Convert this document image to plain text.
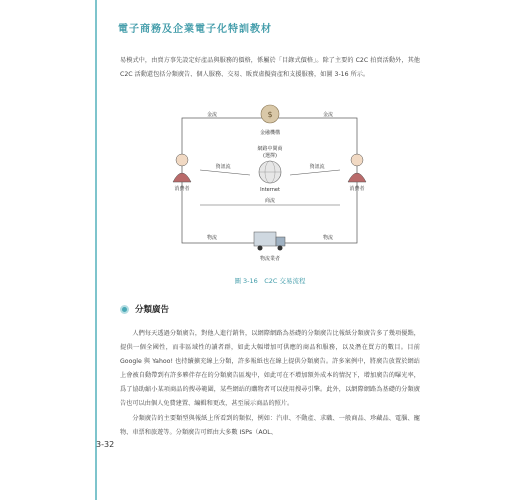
電子商務及企業電子化特訓教材
易模式中，由賣方事先設定好產品與服務的價格，係屬於「目錄式價格」。除了主要的 C2C 拍賣活動外，其他 C2C 活動還包括分類廣告、個人服務、交易、販賣虛擬資產和支援服務，如圖 3-16 所示。
$
金融機構
網路中間商
(選擇)
Internet
消費者	消費者
物流業者
金流	金流
資訊流	資訊流
商流
物流	物流
圖 3-16　C2C 交易流程
分類廣告
人們每天透過分類廣告，對他人進行銷售，以網際網路為基礎的分類廣告比報紙分類廣告多了幾項優點，提供一個全國性，而非區域性的讀者群，如此大幅增加可供應的商品和服務，以及潛在買方的數目。目前 Google 與 Yahoo! 也持續擴充線上分類，許多報紙也在線上提供分類廣告。許多案例中，將廣告放置於網站上會被自動帶到有許多夥伴存在的分類廣告區塊中，如此可在不增加額外成本的情況下，增加廣告的曝光率，爲了協助縮小某項商品的搜尋範圍，某些網站的購物者可以使用搜尋引擎。此外，以網際網路為基礎的分類廣告也可以由個人免費建置、編輯和更改，甚至展示商品的照片。
分類廣告的主要類型與報紙上所看到的類似，例如：汽車、不動產、求職、一般商品、珍藏品、電腦、寵物、車票和旅遊等。分類廣告可經由大多數 ISPs（AOL、
3-32
